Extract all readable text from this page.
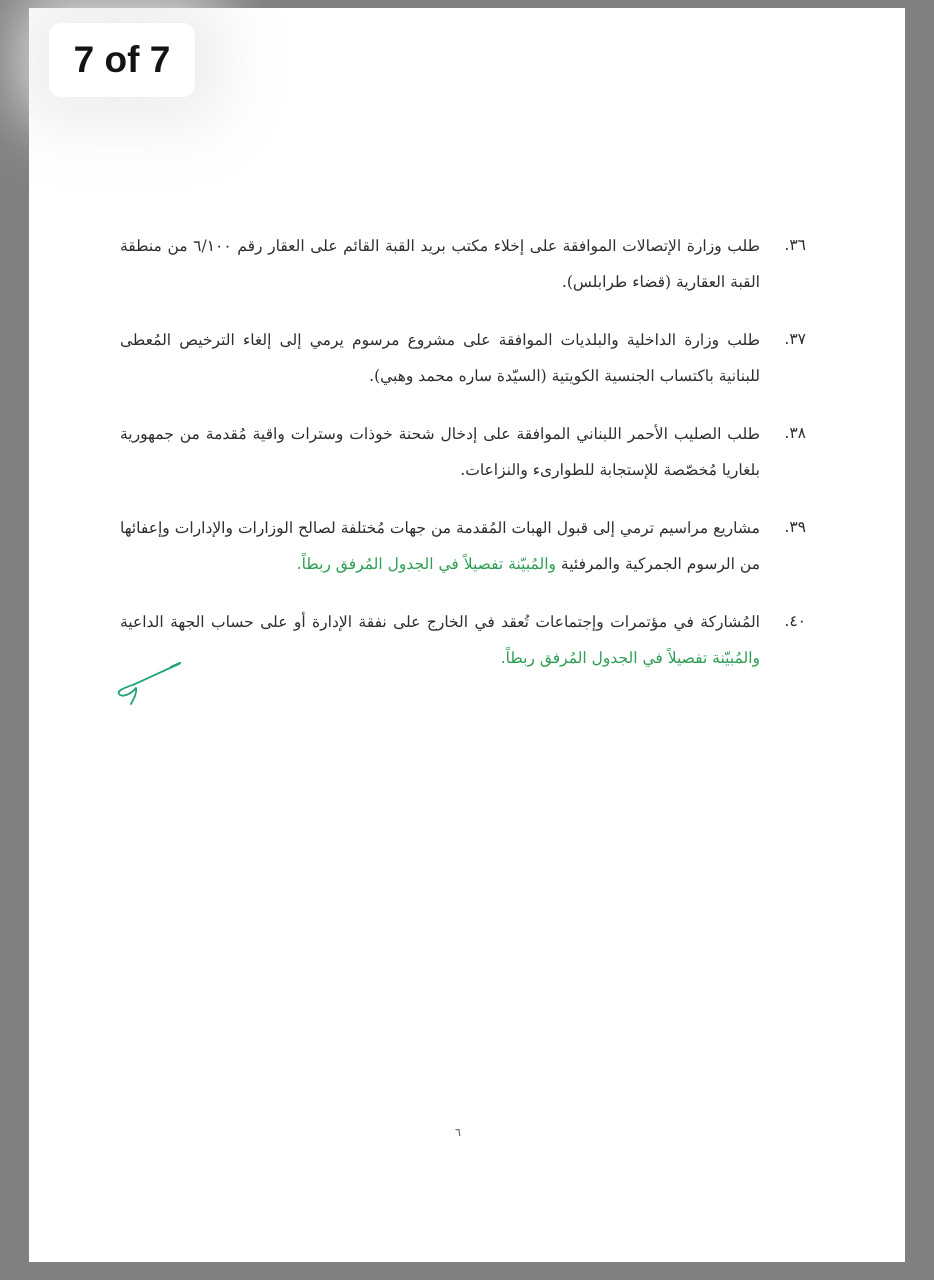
7 of 7
٣٦.
طلب وزارة الإتصالات الموافقة على إخلاء مكتب بريد القبة القائم على العقار رقم ٦/١٠٠ من منطقة القبة العقارية (قضاء طرابلس).
٣٧.
طلب وزارة الداخلية والبلديات الموافقة على مشروع مرسوم يرمي إلى إلغاء الترخيص المُعطى للبنانية باكتساب الجنسية الكويتية (السيّدة ساره محمد وهبي).
٣٨.
طلب الصليب الأحمر اللبناني الموافقة على إدخال شحنة خوذات وسترات واقية مُقدمة من جمهورية بلغاريا مُخصّصة للإستجابة للطوارىء والنزاعات.
٣٩.
مشاريع مراسيم ترمي إلى قبول الهبات المُقدمة من جهات مُختلفة لصالح الوزارات والإدارات وإعفائها من الرسوم الجمركية والمرفئية والمُبيّنة تفصيلاً في الجدول المُرفق ربطاً.
٤٠.
المُشاركة في مؤتمرات وإجتماعات تُعقد في الخارج على نفقة الإدارة أو على حساب الجهة الداعية والمُبيّنة تفصيلاً في الجدول المُرفق ربطاً.
٦
